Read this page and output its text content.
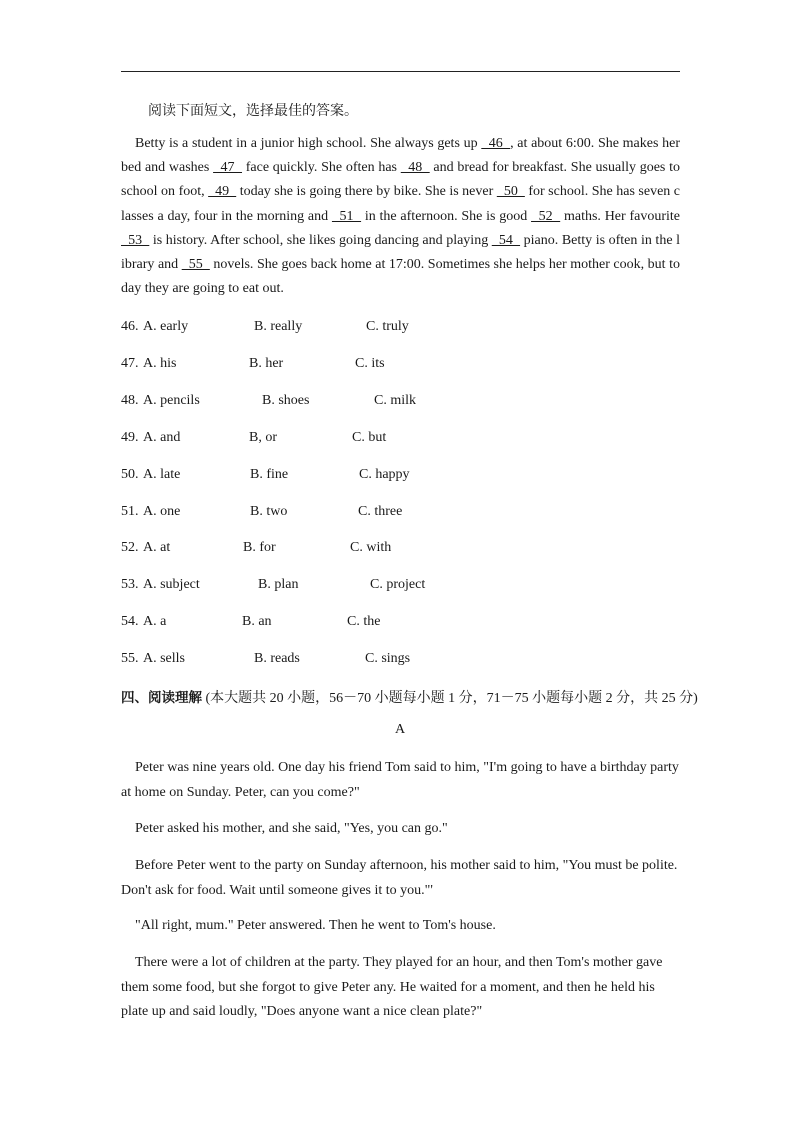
阅读下面短文，选择最佳的答案。
Betty is a student in a junior high school. She always gets up   46  , at about 6:00. She makes her bed and washes   47   face quickly. She often has   48   and bread for breakfast. She usually goes to school on foot,   49   today she is going there by bike. She is never   50   for school. She has seven classes a day, four in the morning and   51   in the afternoon. She is good   52   maths. Her favourite   53   is history. After school, she likes going dancing and playing   54   piano. Betty is often in the library and   55   novels. She goes back home at 17:00. Sometimes she helps her mother cook, but today they are going to eat out.
46. A. early	B. really	C. truly
47. A. his	B. her	C. its
48. A. pencils	B. shoes	C. milk
49. A. and	B, or	C. but
50. A. late	B. fine	C. happy
51. A. one	B. two	C. three
52. A. at	B. for	C. with
53. A. subject	B. plan	C. project
54. A. a	B. an	C. the
55. A. sells	B. reads	C. sings
四、阅读理解 (本大题共 20 小题，56－70 小题每小题 1 分，71－75 小题每小题 2 分，共 25 分)
A
Peter was nine years old. One day his friend Tom said to him, "I'm going to have a birthday party at home on Sunday. Peter, can you come?"
Peter asked his mother, and she said, "Yes, you can go."
Before Peter went to the party on Sunday afternoon, his mother said to him, "You must be polite. Don't ask for food. Wait until someone gives it to you."'
"All right, mum." Peter answered. Then he went to Tom's house.
There were a lot of children at the party. They played for an hour, and then Tom's mother gave them some food, but she forgot to give Peter any. He waited for a moment, and then he held his plate up and said loudly, "Does anyone want a nice clean plate?"
